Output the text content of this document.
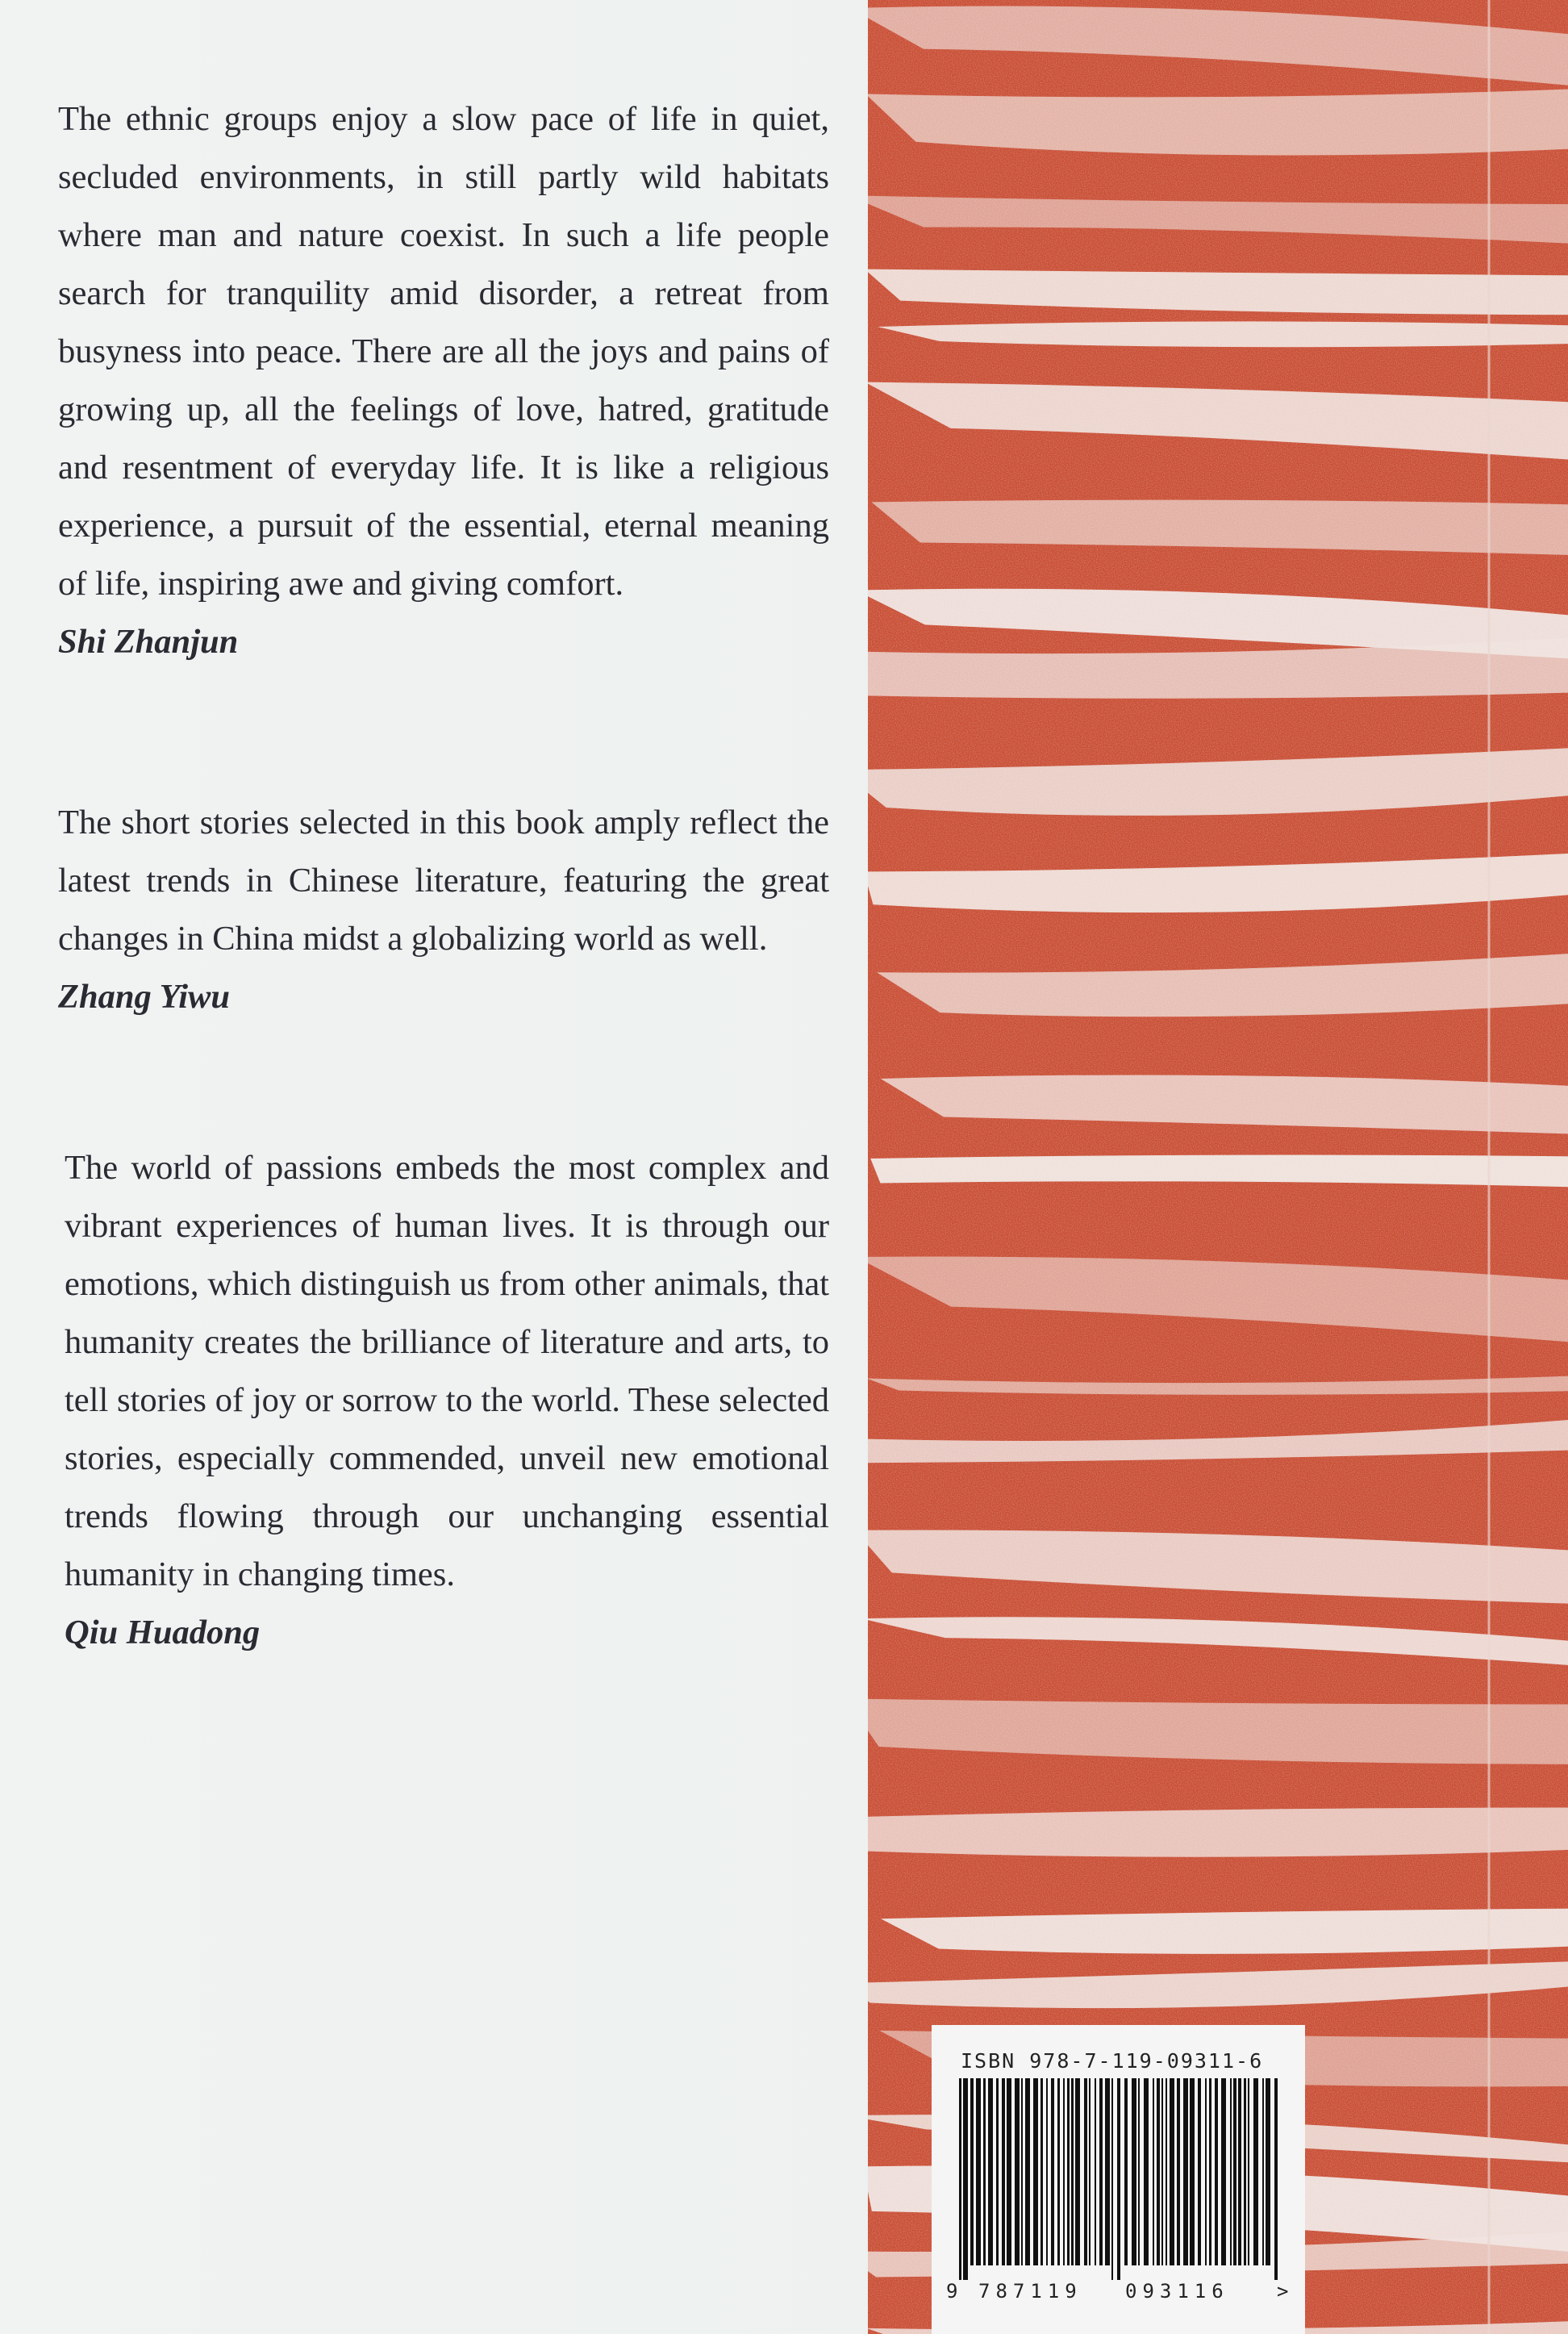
The ethnic groups enjoy a slow pace of life in quiet, secluded environments, in still partly wild habitats where man and nature coexist. In such a life people search for tranquility amid disorder, a retreat from busyness into peace. There are all the joys and pains of growing up, all the feelings of love, hatred, gratitude and resentment of everyday life. It is like a religious experience, a pursuit of the essential, eternal meaning of life, inspiring awe and giving comfort.

Shi Zhanjun

The short stories selected in this book amply reflect the latest trends in Chinese literature, featuring the great changes in China midst a globalizing world as well.

Zhang Yiwu

The world of passions embeds the most complex and vibrant experiences of human lives. It is through our emotions, which distinguish us from other animals, that humanity creates the brilliance of literature and arts, to tell stories of joy or sorrow to the world. These selected stories, especially commended, unveil new emotional trends flowing through our unchanging essential humanity in changing times.

Qiu Huadong

ISBN 978-7-119-09311-6
9 787119 093116 >
